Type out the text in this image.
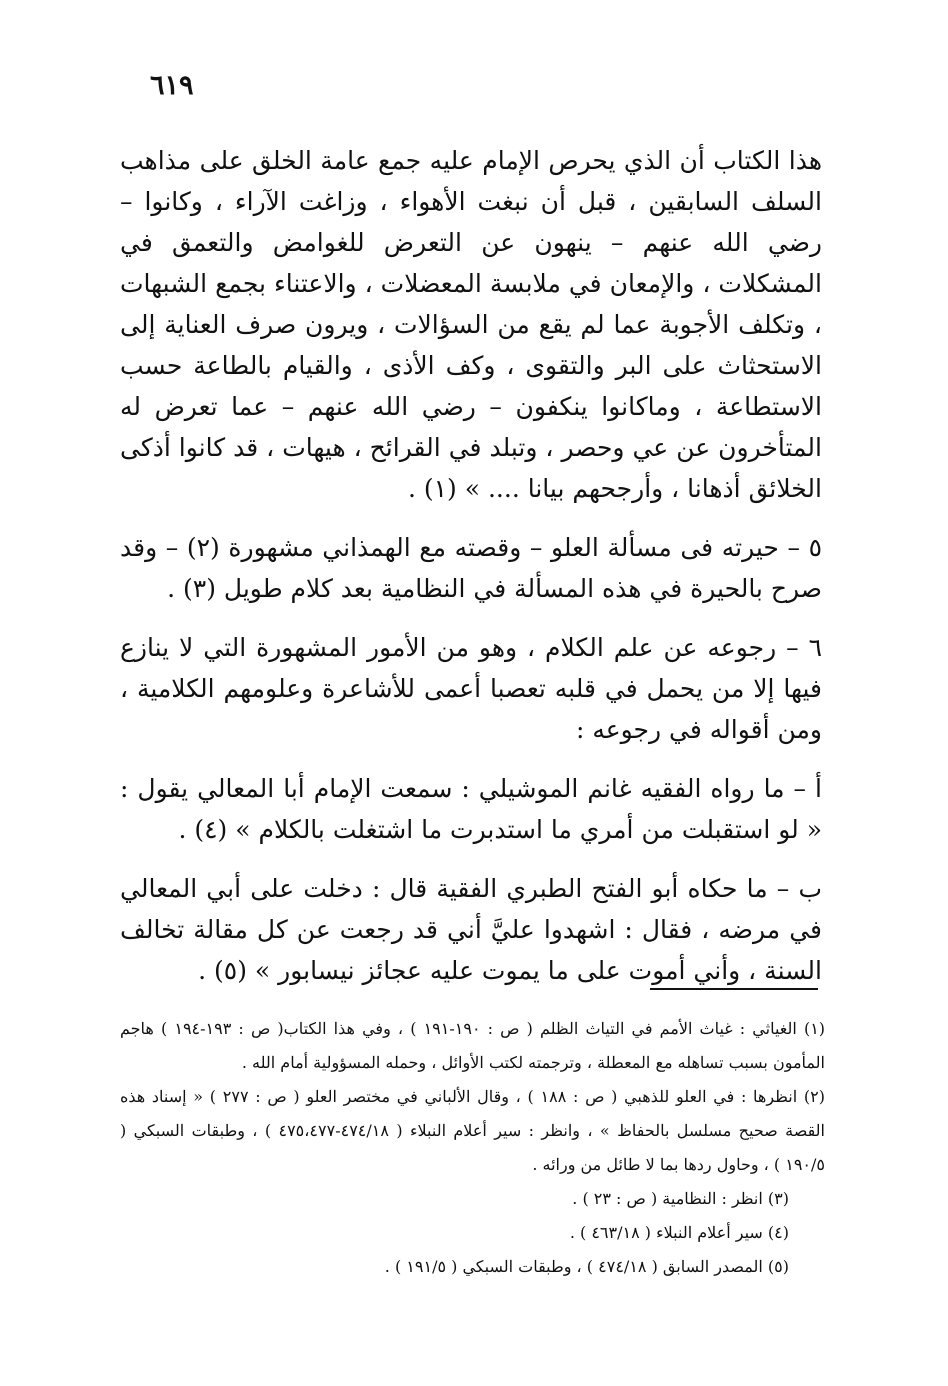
٦١٩

هذا الكتاب أن الذي يحرص الإمام عليه جمع عامة الخلق على مذاهب السلف السابقين ، قبل أن نبغت الأهواء ، وزاغت الآراء ، وكانوا – رضي الله عنهم – ينهون عن التعرض للغوامض والتعمق في المشكلات ، والإمعان في ملابسة المعضلات ، والاعتناء بجمع الشبهات ، وتكلف الأجوبة عما لم يقع من السؤالات ، ويرون صرف العناية إلى الاستحثاث على البر والتقوى ، وكف الأذى ، والقيام بالطاعة حسب الاستطاعة ، وماكانوا ينكفون – رضي الله عنهم – عما تعرض له المتأخرون عن عي وحصر ، وتبلد في القرائح ، هيهات ، قد كانوا أذكى الخلائق أذهانا ، وأرجحهم بيانا .... » (١) .

٥ – حيرته فى مسألة العلو – وقصته مع الهمذاني مشهورة (٢) – وقد صرح بالحيرة في هذه المسألة في النظامية بعد كلام طويل (٣) .

٦ – رجوعه عن علم الكلام ، وهو من الأمور المشهورة التي لا ينازع فيها إلا من يحمل في قلبه تعصبا أعمى للأشاعرة وعلومهم الكلامية ، ومن أقواله في رجوعه :

أ – ما رواه الفقيه غانم الموشيلي : سمعت الإمام أبا المعالي يقول : « لو استقبلت من أمري ما استدبرت ما اشتغلت بالكلام » (٤) .

ب – ما حكاه أبو الفتح الطبري الفقية قال : دخلت على أبي المعالي في مرضه ، فقال : اشهدوا عليَّ أني قد رجعت عن كل مقالة تخالف السنة ، وأني أموت على ما يموت عليه عجائز نيسابور » (٥) .

(١) الغياثي : غياث الأمم في التياث الظلم ( ص : ١٩٠-١٩١ ) ، وفي هذا الكتاب( ص : ١٩٣-١٩٤ ) هاجم المأمون بسبب تساهله مع المعطلة ، وترجمته لكتب الأوائل ، وحمله المسؤولية أمام الله .

(٢) انظرها : في العلو للذهبي ( ص : ١٨٨ ) ، وقال الألباني في مختصر العلو ( ص : ٢٧٧ ) « إسناد هذه القصة صحيح مسلسل بالحفاظ » ، وانظر : سير أعلام النبلاء ( ٤٧٤/١٨-٤٧٥،٤٧٧ ) ، وطبقات السبكي ( ١٩٠/٥ ) ، وحاول ردها بما لا طائل من ورائه .

(٣) انظر : النظامية ( ص : ٢٣ ) .

(٤) سير أعلام النبلاء ( ٤٦٣/١٨ ) .

(٥) المصدر السابق ( ٤٧٤/١٨ ) ، وطبقات السبكي ( ١٩١/٥ ) .
